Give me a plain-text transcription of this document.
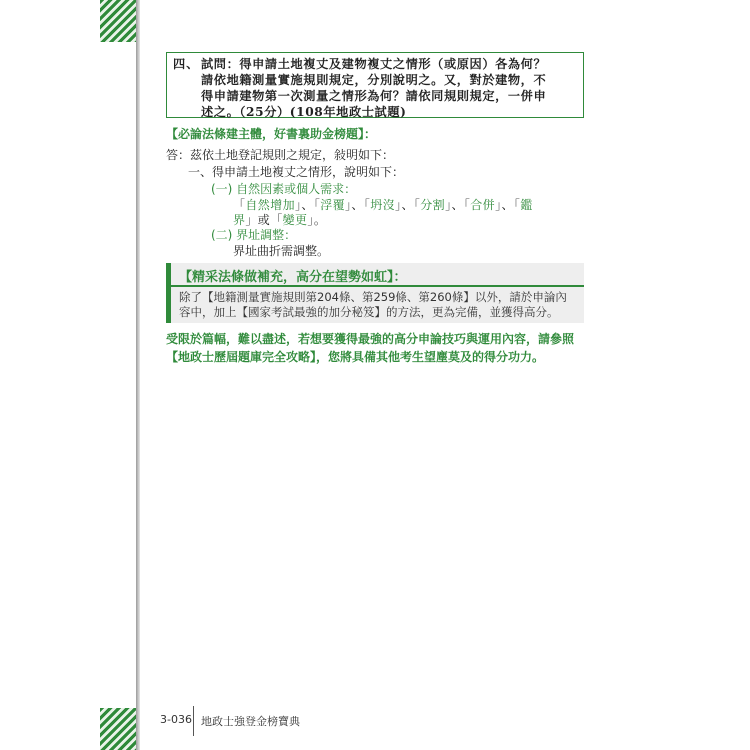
四、 試問：得申請土地複丈及建物複丈之情形（或原因）各為何？
請依地籍測量實施規則規定，分別說明之。又，對於建物，不
得申請建物第一次測量之情形為何？請依同規則規定，一併申
述之。（25分）(108年地政士試題)
【必論法條建主體，好書裏助金榜題】：
答：茲依土地登記規則之規定，敍明如下：
一、得申請土地複丈之情形，說明如下：
(一) 自然因素或個人需求：
「自然增加」、「浮覆」、「坍沒」、「分割」、「合併」、「鑑
界」或「變更」。
(二) 界址調整：
界址曲折需調整。
【精采法條做補充，高分在望勢如虹】：
除了【地籍測量實施規則第204條、第259條、第260條】以外，請於申論內
容中，加上【國家考試最強的加分秘笈】的方法，更為完備，並獲得高分。
受限於篇幅，難以盡述，若想要獲得最強的高分申論技巧與運用內容，請參照
【地政士歷屆題庫完全攻略】，您將具備其他考生望塵莫及的得分功力。
3-036 地政士強登金榜寶典
